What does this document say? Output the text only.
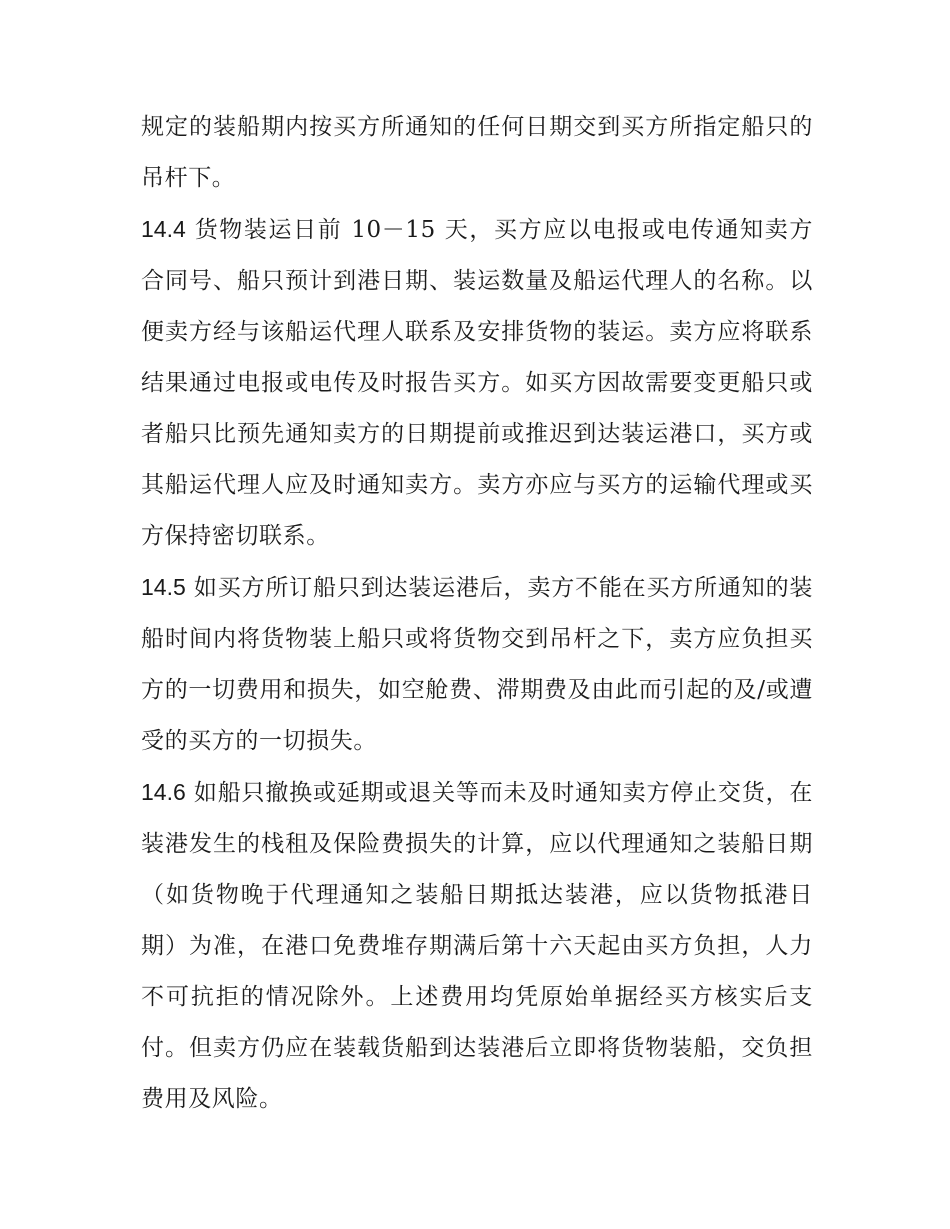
规定的装船期内按买方所通知的任何日期交到买方所指定船只的吊杆下。

14.4 货物装运日前 10－15 天，买方应以电报或电传通知卖方合同号、船只预计到港日期、装运数量及船运代理人的名称。以便卖方经与该船运代理人联系及安排货物的装运。卖方应将联系结果通过电报或电传及时报告买方。如买方因故需要变更船只或者船只比预先通知卖方的日期提前或推迟到达装运港口，买方或其船运代理人应及时通知卖方。卖方亦应与买方的运输代理或买方保持密切联系。

14.5 如买方所订船只到达装运港后，卖方不能在买方所通知的装船时间内将货物装上船只或将货物交到吊杆之下，卖方应负担买方的一切费用和损失，如空舱费、滞期费及由此而引起的及/或遭受的买方的一切损失。

14.6 如船只撤换或延期或退关等而未及时通知卖方停止交货，在装港发生的栈租及保险费损失的计算，应以代理通知之装船日期（如货物晚于代理通知之装船日期抵达装港，应以货物抵港日期）为准，在港口免费堆存期满后第十六天起由买方负担，人力不可抗拒的情况除外。上述费用均凭原始单据经买方核实后支付。但卖方仍应在装载货船到达装港后立即将货物装船，交负担费用及风险。
